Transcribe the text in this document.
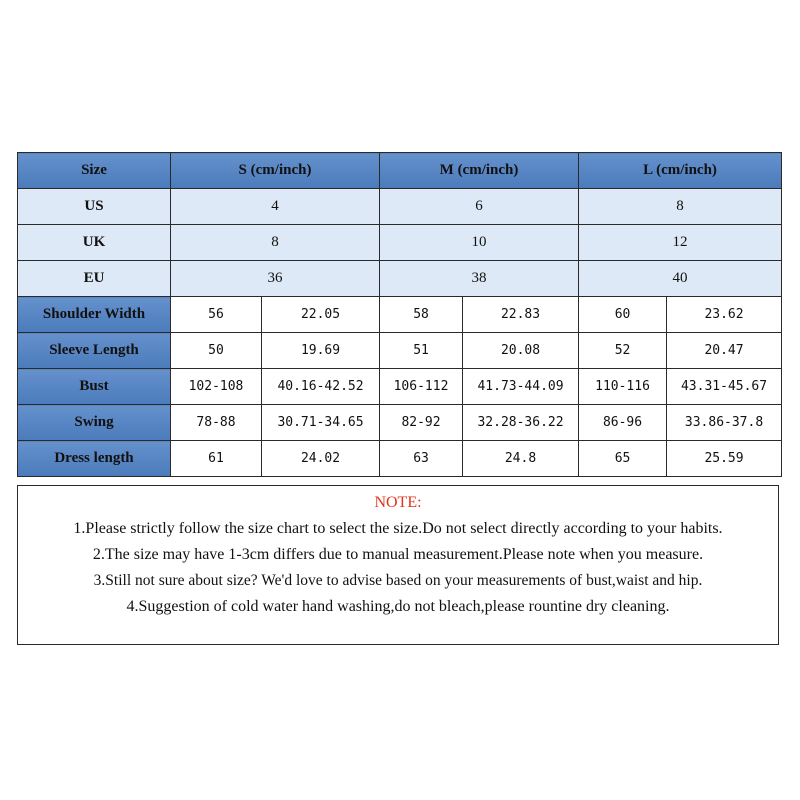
Size	S (cm/inch)		M (cm/inch)		L (cm/inch)	
US	4		6		8	
UK	8		10		12	
EU	36		38		40	
Shoulder Width	56	22.05	58	22.83	60	23.62
Sleeve Length	50	19.69	51	20.08	52	20.47
Bust	102-108	40.16-42.52	106-112	41.73-44.09	110-116	43.31-45.67
Swing	78-88	30.71-34.65	82-92	32.28-36.22	86-96	33.86-37.8
Dress length	61	24.02	63	24.8	65	25.59
NOTE:
1.Please strictly follow the size chart to select the size.Do not select directly according to your habits.
2.The size may have 1-3cm differs due to manual measurement.Please note when you measure.
3.Still not sure about size? We'd love to advise based on your measurements of bust,waist and hip.
4.Suggestion of cold water hand washing,do not bleach,please rountine dry cleaning.
